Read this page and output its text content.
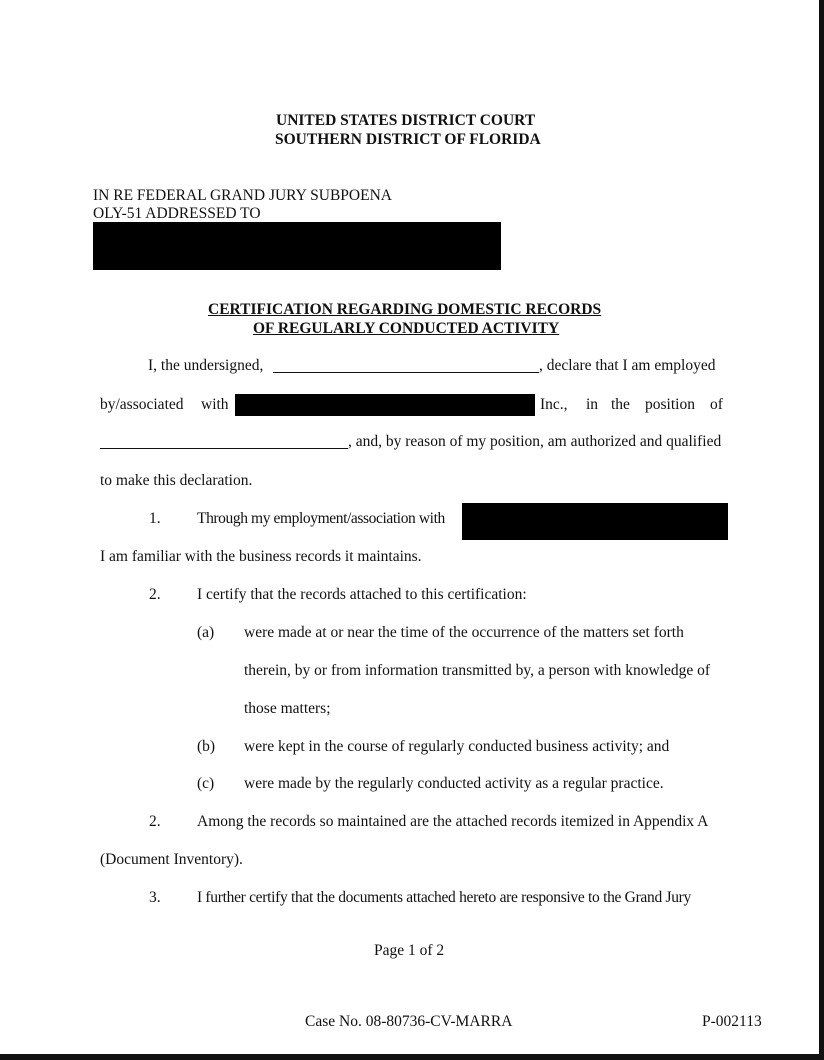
UNITED STATES DISTRICT COURT
SOUTHERN DISTRICT OF FLORIDA
IN RE FEDERAL GRAND JURY SUBPOENA
OLY-51 ADDRESSED TO
CERTIFICATION REGARDING DOMESTIC RECORDS
OF REGULARLY CONDUCTED ACTIVITY
I, the undersigned,	, declare that I am employed
by/associated with	Inc., in the position of
, and, by reason of my position, am authorized and qualified
to make this declaration.
1. Through my employment/association with
I am familiar with the business records it maintains.
2. I certify that the records attached to this certification:
(a) were made at or near the time of the occurrence of the matters set forth
therein, by or from information transmitted by, a person with knowledge of
those matters;
(b) were kept in the course of regularly conducted business activity; and
(c) were made by the regularly conducted activity as a regular practice.
2. Among the records so maintained are the attached records itemized in Appendix A
(Document Inventory).
3. I further certify that the documents attached hereto are responsive to the Grand Jury
Page 1 of 2
Case No. 08-80736-CV-MARRA	P-002113
